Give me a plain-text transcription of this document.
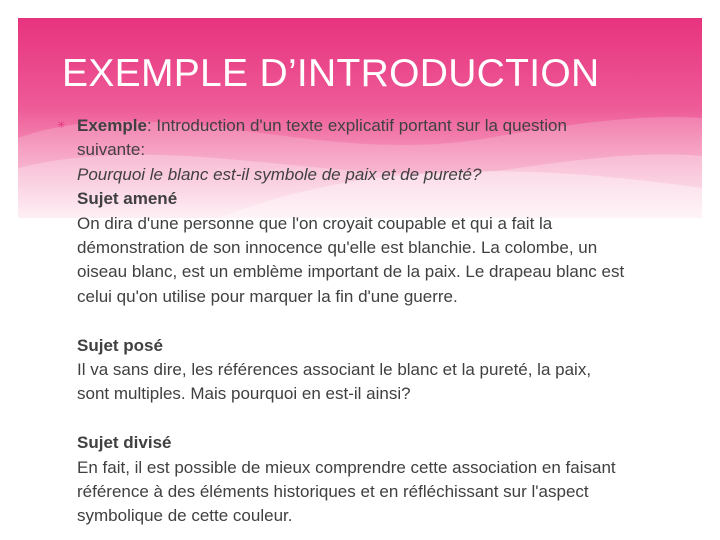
EXEMPLE D’INTRODUCTION
✳ Exemple: Introduction d'un texte explicatif portant sur la question suivante:

Pourquoi le blanc est-il symbole de paix et de pureté?

Sujet amené

On dira d'une personne que l'on croyait coupable et qui a fait la démonstration de son innocence qu'elle est blanchie. La colombe, un oiseau blanc, est un emblème important de la paix. Le drapeau blanc est celui qu'on utilise pour marquer la fin d'une guerre.

Sujet posé

Il va sans dire, les références associant le blanc et la pureté, la paix, sont multiples. Mais pourquoi en est-il ainsi?

Sujet divisé

En fait, il est possible de mieux comprendre cette association en faisant référence à des éléments historiques et en réfléchissant sur l'aspect symbolique de cette couleur.
